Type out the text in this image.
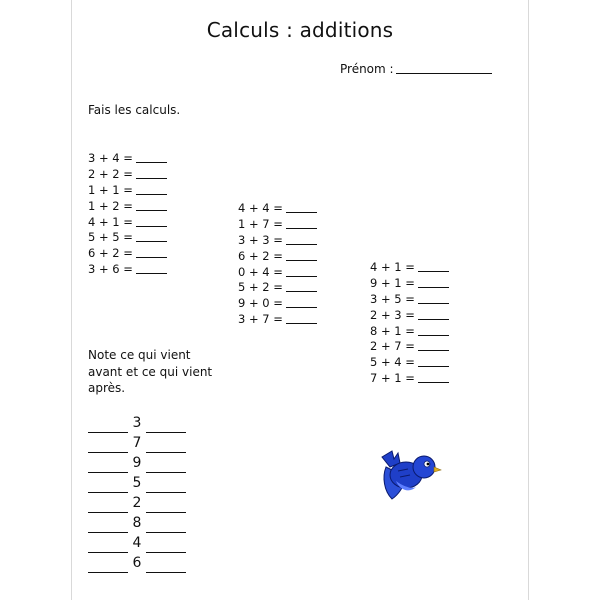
Calculs : additions
Prénom :
Fais les calculs.
3 + 4 =
2 + 2 =
1 + 1 =
1 + 2 =
4 + 1 =
5 + 5 =
6 + 2 =
3 + 6 =
4 + 4 =
1 + 7 =
3 + 3 =
6 + 2 =
0 + 4 =
5 + 2 =
9 + 0 =
3 + 7 =
4 + 1 =
9 + 1 =
3 + 5 =
2 + 3 =
8 + 1 =
2 + 7 =
5 + 4 =
7 + 1 =
Note ce qui vient avant et ce qui vient après.
3
7
9
5
2
8
4
6
